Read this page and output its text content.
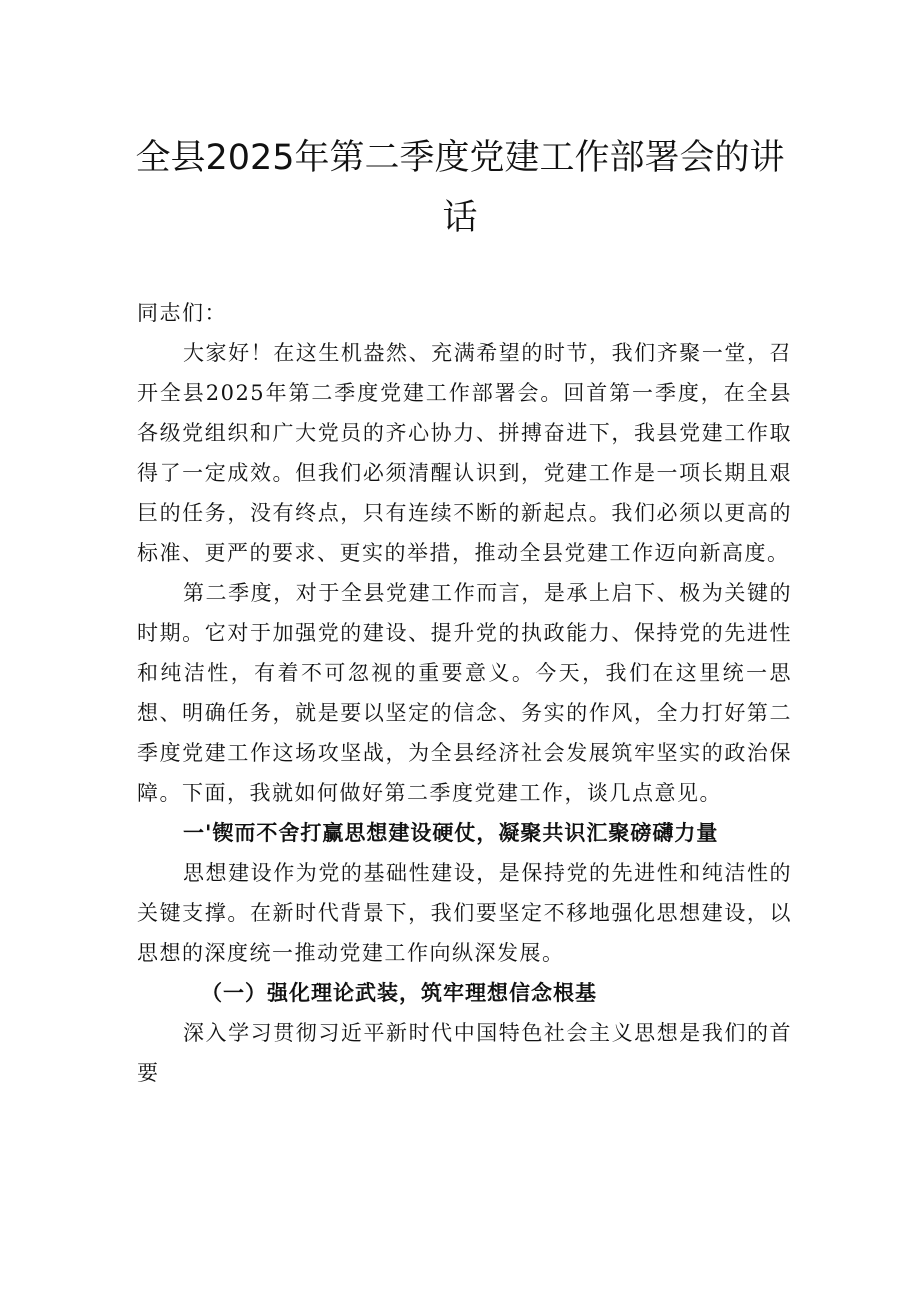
全县2025年第二季度党建工作部署会的讲话

同志们：

大家好！在这生机盎然、充满希望的时节，我们齐聚一堂，召开全县2025年第二季度党建工作部署会。回首第一季度，在全县各级党组织和广大党员的齐心协力、拼搏奋进下，我县党建工作取得了一定成效。但我们必须清醒认识到，党建工作是一项长期且艰巨的任务，没有终点，只有连续不断的新起点。我们必须以更高的标准、更严的要求、更实的举措，推动全县党建工作迈向新高度。

第二季度，对于全县党建工作而言，是承上启下、极为关键的时期。它对于加强党的建设、提升党的执政能力、保持党的先进性和纯洁性，有着不可忽视的重要意义。今天，我们在这里统一思想、明确任务，就是要以坚定的信念、务实的作风，全力打好第二季度党建工作这场攻坚战，为全县经济社会发展筑牢坚实的政治保障。下面，我就如何做好第二季度党建工作，谈几点意见。

一'锲而不舍打赢思想建设硬仗，凝聚共识汇聚磅礴力量

思想建设作为党的基础性建设，是保持党的先进性和纯洁性的关键支撑。在新时代背景下，我们要坚定不移地强化思想建设，以思想的深度统一推动党建工作向纵深发展。

（一）强化理论武装，筑牢理想信念根基

深入学习贯彻习近平新时代中国特色社会主义思想是我们的首要
